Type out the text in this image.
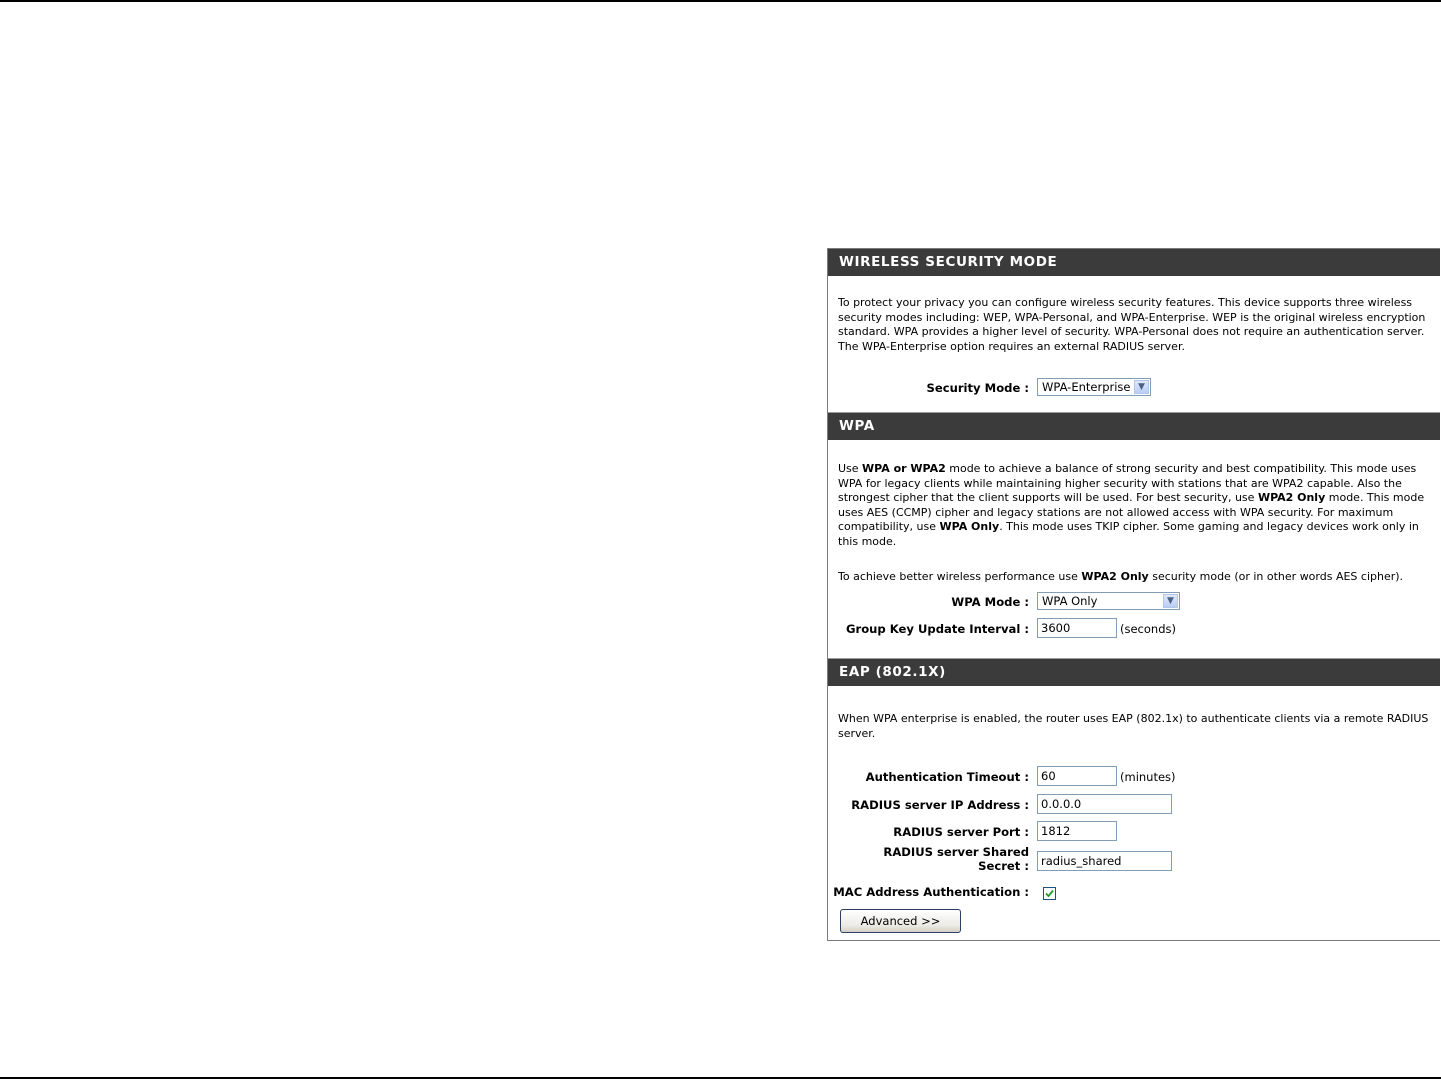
WIRELESS SECURITY MODE

To protect your privacy you can configure wireless security features. This device supports three wireless security modes including: WEP, WPA-Personal, and WPA-Enterprise. WEP is the original wireless encryption standard. WPA provides a higher level of security. WPA-Personal does not require an authentication server. The WPA-Enterprise option requires an external RADIUS server.

Security Mode :	WPA-Enterprise ▼
WPA

Use WPA or WPA2 mode to achieve a balance of strong security and best compatibility. This mode uses WPA for legacy clients while maintaining higher security with stations that are WPA2 capable. Also the strongest cipher that the client supports will be used. For best security, use WPA2 Only mode. This mode uses AES (CCMP) cipher and legacy stations are not allowed access with WPA security. For maximum compatibility, use WPA Only. This mode uses TKIP cipher. Some gaming and legacy devices work only in this mode.

To achieve better wireless performance use WPA2 Only security mode (or in other words AES cipher).

WPA Mode :	WPA Only	▼
Group Key Update Interval :	3600	(seconds)
EAP (802.1X)

When WPA enterprise is enabled, the router uses EAP (802.1x) to authenticate clients via a remote RADIUS server.

Authentication Timeout :	60	(minutes)
RADIUS server IP Address :	0.0.0.0
RADIUS server Port :	1812
RADIUS server Shared Secret :	radius_shared
MAC Address Authentication :
Advanced >>
